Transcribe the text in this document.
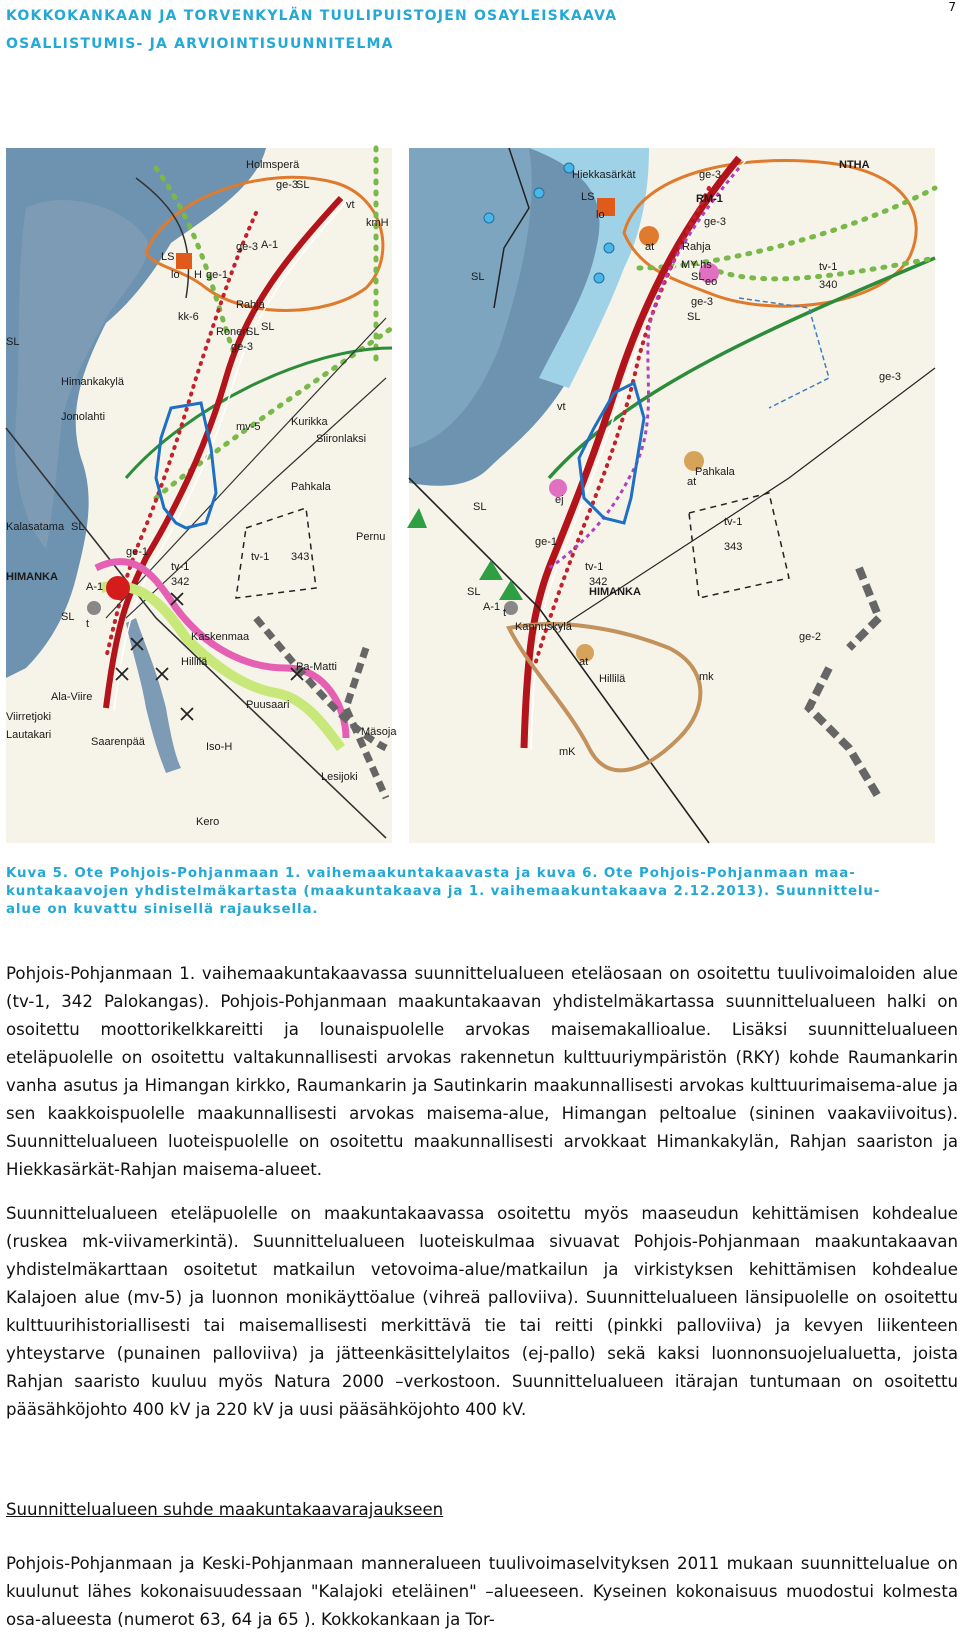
KOKKOKANKAAN JA TORVENKYLÄN TUULIPUISTOJEN OSAYLEISKAAVA
OSALLISTUMIS- JA ARVIOINTISUUNNITELMA
7
Holmsperä
ge-3
SL
vt
kmH
LS
ge-3 A-1
lo ge-1
H
kk-6
Rahja
SL
Ronen
ge-3
SL
SL
Himankakylä
Jonolahti
mv-5	Kurikka
Siironlaksi
Pahkala
Kalasatama SL
tv-1 343
Pernu
HIMANKA
ge-1
A-1
tv-1
342
SL
t
Kaskenmaa
Hillilä	Pa-Matti
Ala-Viire
Puusaari
Viirretjoki
Lautakari
Saarenpää	Iso-H
Mäsoja
Lesijoki
Kero
Hiekkasärkät	ge-3
NTHA
RM-1
LS
ge-3
lo
at	Rahja
MY-hs	tv-1
340
SL	SL eo
ge-3
SL
vt
ge-3
Pahkala
at
SL
ej
tv-1
343
ge-1
tv-1
342
HIMANKA
SL
A-1 t
Kannuskylä
ge-2
at
Hillilä	mk
mK
Kuva 5. Ote Pohjois-Pohjanmaan 1. vaihemaakuntakaavasta ja kuva 6. Ote Pohjois-Pohjanmaan maa-
kuntakaavojen yhdistelmäkartasta (maakuntakaava ja 1. vaihemaakuntakaava 2.12.2013). Suunnittelu-
alue on kuvattu sinisellä rajauksella.
Pohjois-Pohjanmaan 1. vaihemaakuntakaavassa suunnittelualueen eteläosaan on osoitettu tuulivoimaloiden alue (tv-1, 342 Palokangas). Pohjois-Pohjanmaan maakuntakaavan yhdistelmäkartassa suunnittelualueen halki on osoitettu moottorikelkkareitti ja lounaispuolelle arvokas maisemakallioalue. Lisäksi suunnittelualueen eteläpuolelle on osoitettu valtakunnallisesti arvokas rakennetun kulttuuriympäristön (RKY) kohde Raumankarin vanha asutus ja Himangan kirkko, Raumankarin ja Sautinkarin maakunnallisesti arvokas kulttuurimaisema-alue ja sen kaakkoispuolelle maakunnallisesti arvokas maisema-alue, Himangan peltoalue (sininen vaakaviivoitus). Suunnittelualueen luoteispuolelle on osoitettu maakunnallisesti arvokkaat Himankakylän, Rahjan saariston ja Hiekkasärkät-Rahjan maisema-alueet.
Suunnittelualueen eteläpuolelle on maakuntakaavassa osoitettu myös maaseudun kehittämisen kohdealue (ruskea mk-viivamerkintä). Suunnittelualueen luoteiskulmaa sivuavat Pohjois-Pohjanmaan maakuntakaavan yhdistelmäkarttaan osoitetut matkailun vetovoima-alue/matkailun ja virkistyksen kehittämisen kohdealue Kalajoen alue (mv-5) ja luonnon monikäyttöalue (vihreä palloviiva). Suunnittelualueen länsipuolelle on osoitettu kulttuurihistoriallisesti tai maisemallisesti merkittävä tie tai reitti (pinkki palloviiva) ja kevyen liikenteen yhteystarve (punainen palloviiva) ja jätteenkäsittelylaitos (ej-pallo) sekä kaksi luonnonsuojelualuetta, joista Rahjan saaristo kuuluu myös Natura 2000 –verkostoon. Suunnittelualueen itärajan tuntumaan on osoitettu pääsähköjohto 400 kV ja 220 kV ja uusi pääsähköjohto 400 kV.
Suunnittelualueen suhde maakuntakaavarajaukseen
Pohjois-Pohjanmaan ja Keski-Pohjanmaan manneralueen tuulivoimaselvityksen 2011 mukaan suunnittelualue on kuulunut lähes kokonaisuudessaan "Kalajoki eteläinen" –alueeseen. Kyseinen kokonaisuus muodostui kolmesta osa-alueesta (numerot 63, 64 ja 65 ). Kokkokankaan ja Tor-
